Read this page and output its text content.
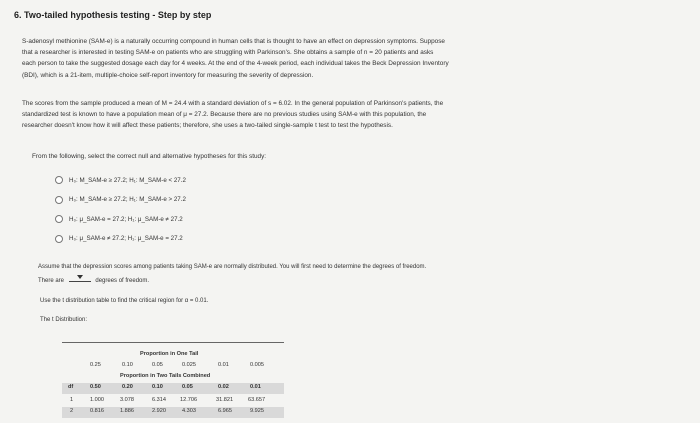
6. Two-tailed hypothesis testing - Step by step
S-adenosyl methionine (SAM-e) is a naturally occurring compound in human cells that is thought to have an effect on depression symptoms. Suppose
that a researcher is interested in testing SAM-e on patients who are struggling with Parkinson's. She obtains a sample of n = 20 patients and asks
each person to take the suggested dosage each day for 4 weeks. At the end of the 4-week period, each individual takes the Beck Depression Inventory
(BDI), which is a 21-item, multiple-choice self-report inventory for measuring the severity of depression.
The scores from the sample produced a mean of M = 24.4 with a standard deviation of s = 6.02. In the general population of Parkinson's patients, the
standardized test is known to have a population mean of μ = 27.2. Because there are no previous studies using SAM-e with this population, the
researcher doesn't know how it will affect these patients; therefore, she uses a two-tailed single-sample t test to test the hypothesis.
From the following, select the correct null and alternative hypotheses for this study:
H₀: M_SAM-e ≥ 27.2; H₁: M_SAM-e < 27.2
H₀: M_SAM-e ≥ 27.2; H₁: M_SAM-e > 27.2
H₀: μ_SAM-e = 27.2; H₁: μ_SAM-e ≠ 27.2
H₀: μ_SAM-e ≠ 27.2; H₁: μ_SAM-e = 27.2
Assume that the depression scores among patients taking SAM-e are normally distributed. You will first need to determine the degrees of freedom.
There are	degrees of freedom.
Use the t distribution table to find the critical region for α = 0.01.
The t Distribution:
Proportion in One Tail
0.25	0.10	0.05	0.025	0.01	0.005
Proportion in Two Tails Combined
df	0.50	0.20	0.10	0.05	0.02	0.01
1	1.000	3.078	6.314	12.706	31.821	63.657
2	0.816	1.886	2.920	4.303	6.965	9.925
